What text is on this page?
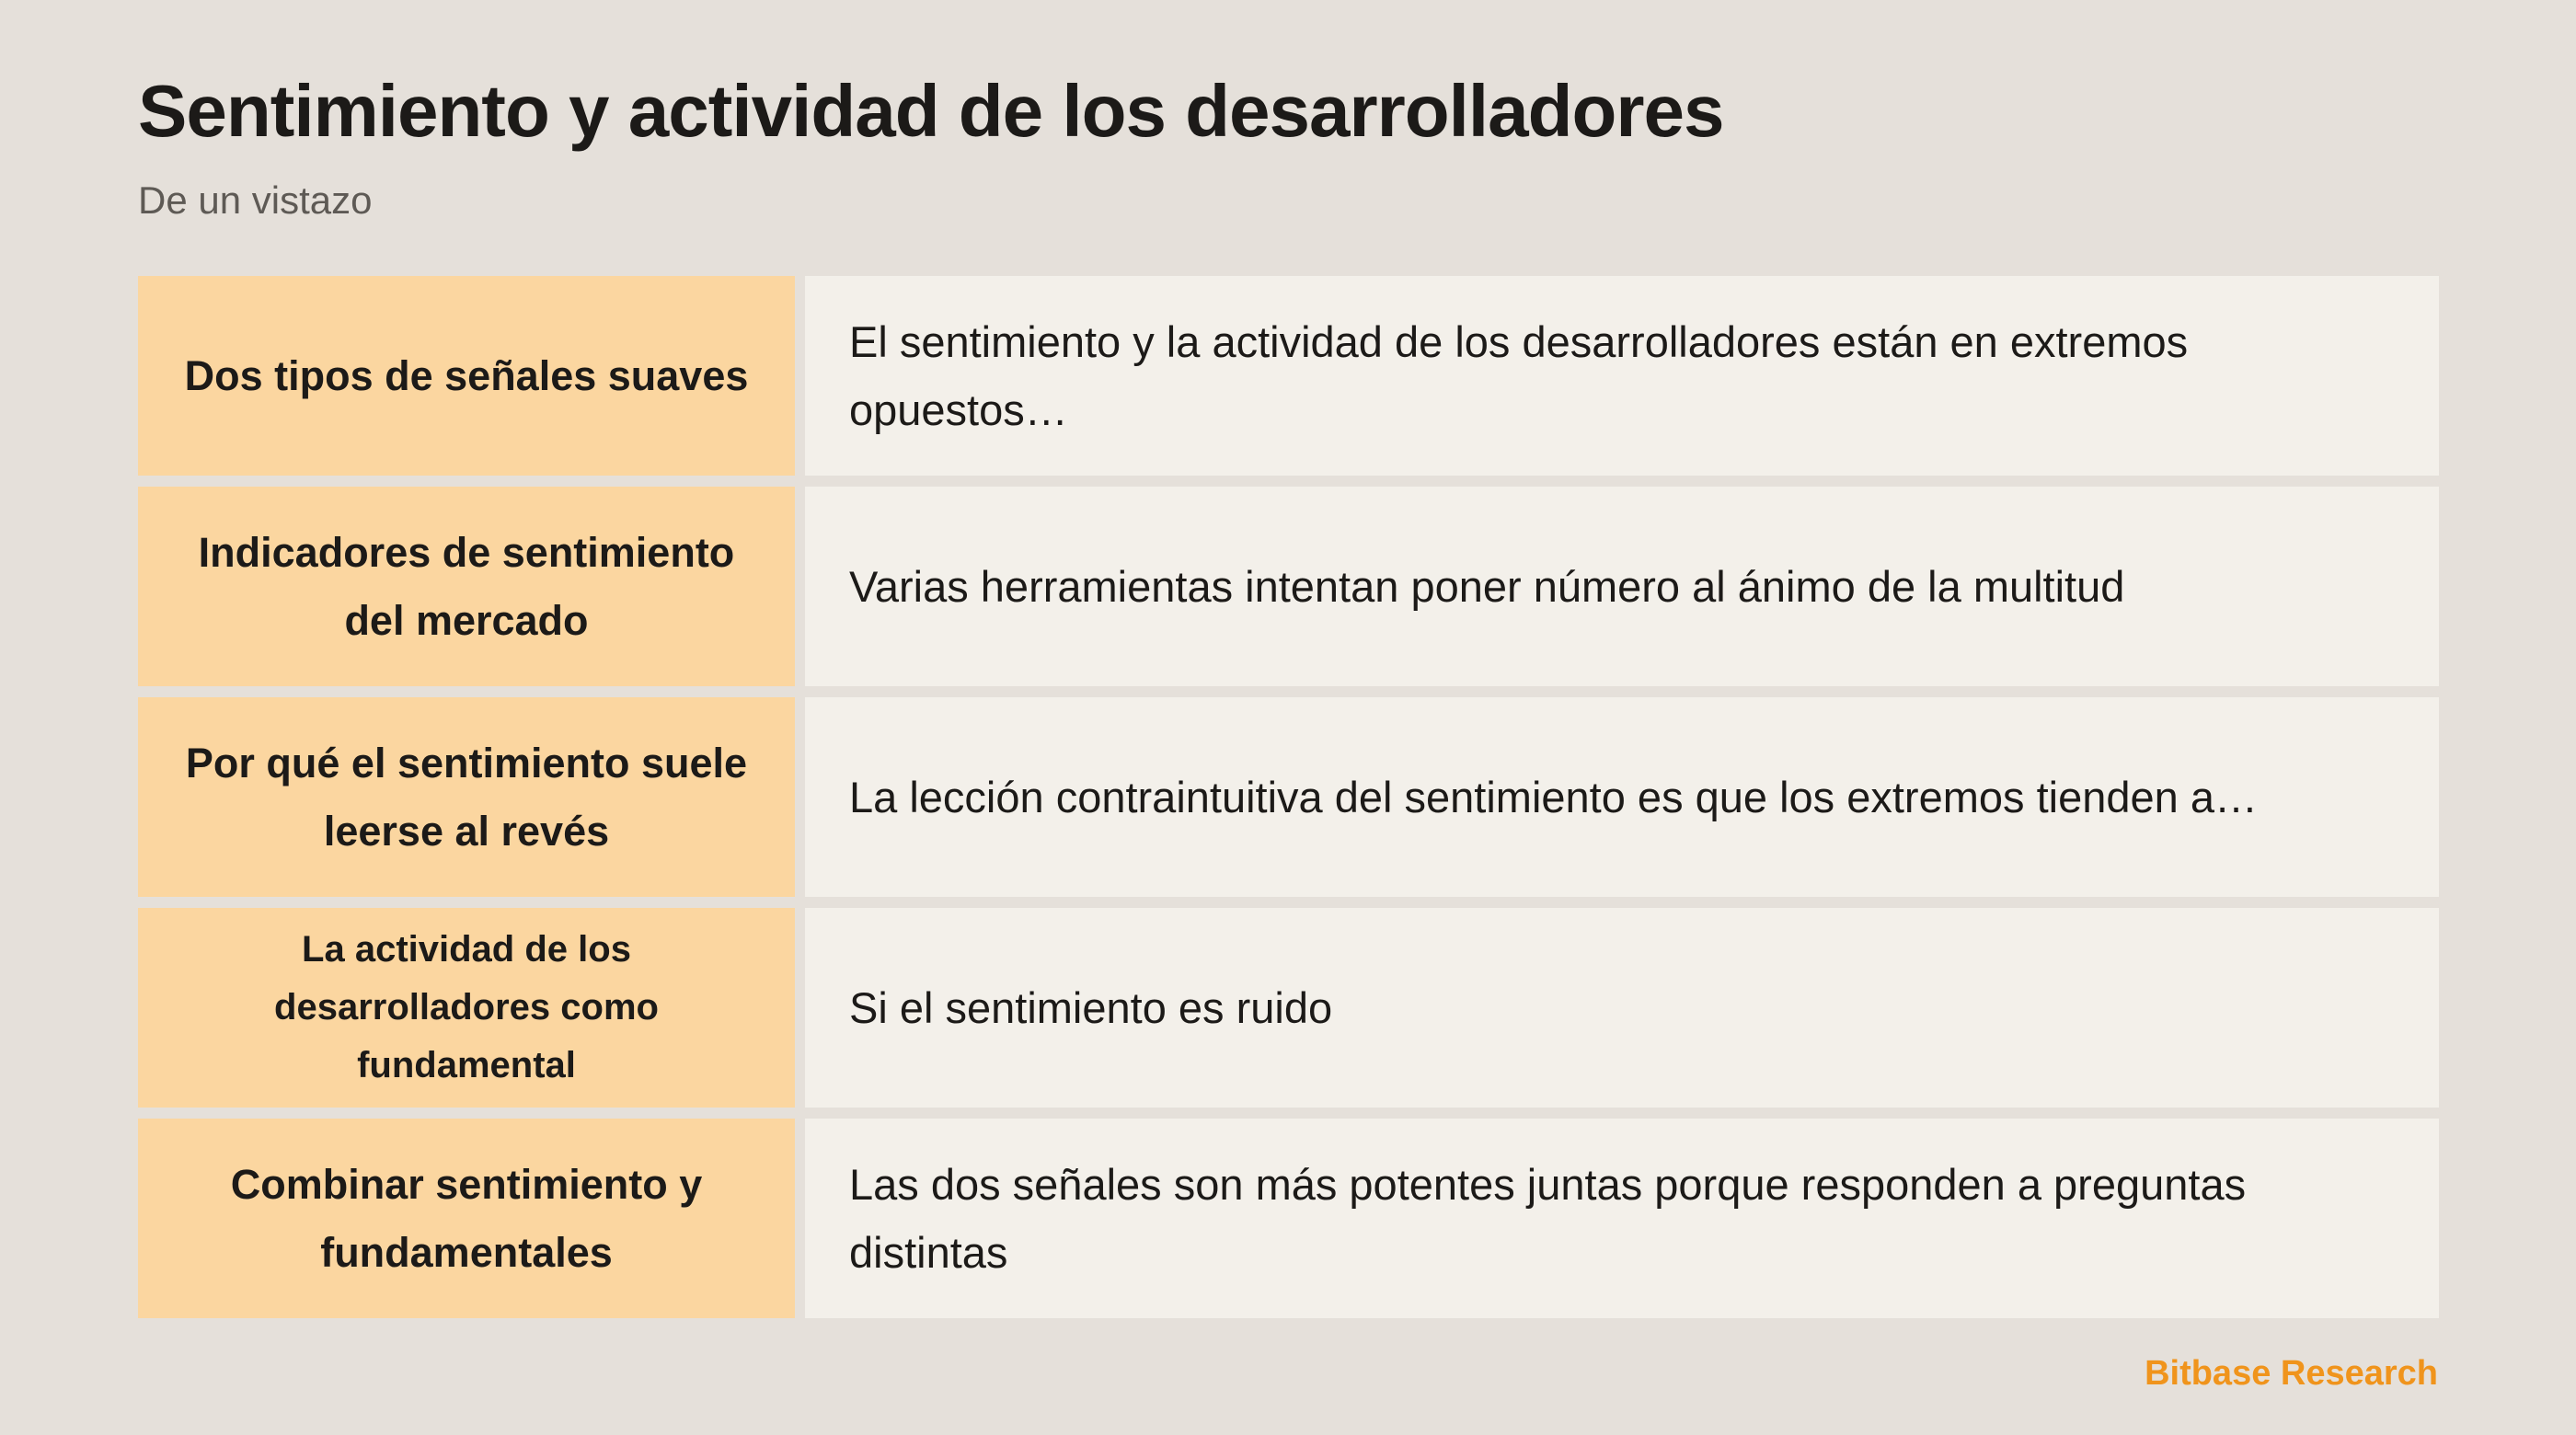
Sentimiento y actividad de los desarrolladores

De un vistazo

Dos tipos de señales suaves
El sentimiento y la actividad de los desarrolladores están en extremos opuestos…
Indicadores de sentimiento del mercado
Varias herramientas intentan poner número al ánimo de la multitud
Por qué el sentimiento suele leerse al revés
La lección contraintuitiva del sentimiento es que los extremos tienden a…
La actividad de los desarrolladores como fundamental
Si el sentimiento es ruido
Combinar sentimiento y fundamentales
Las dos señales son más potentes juntas porque responden a preguntas distintas
Bitbase Research
